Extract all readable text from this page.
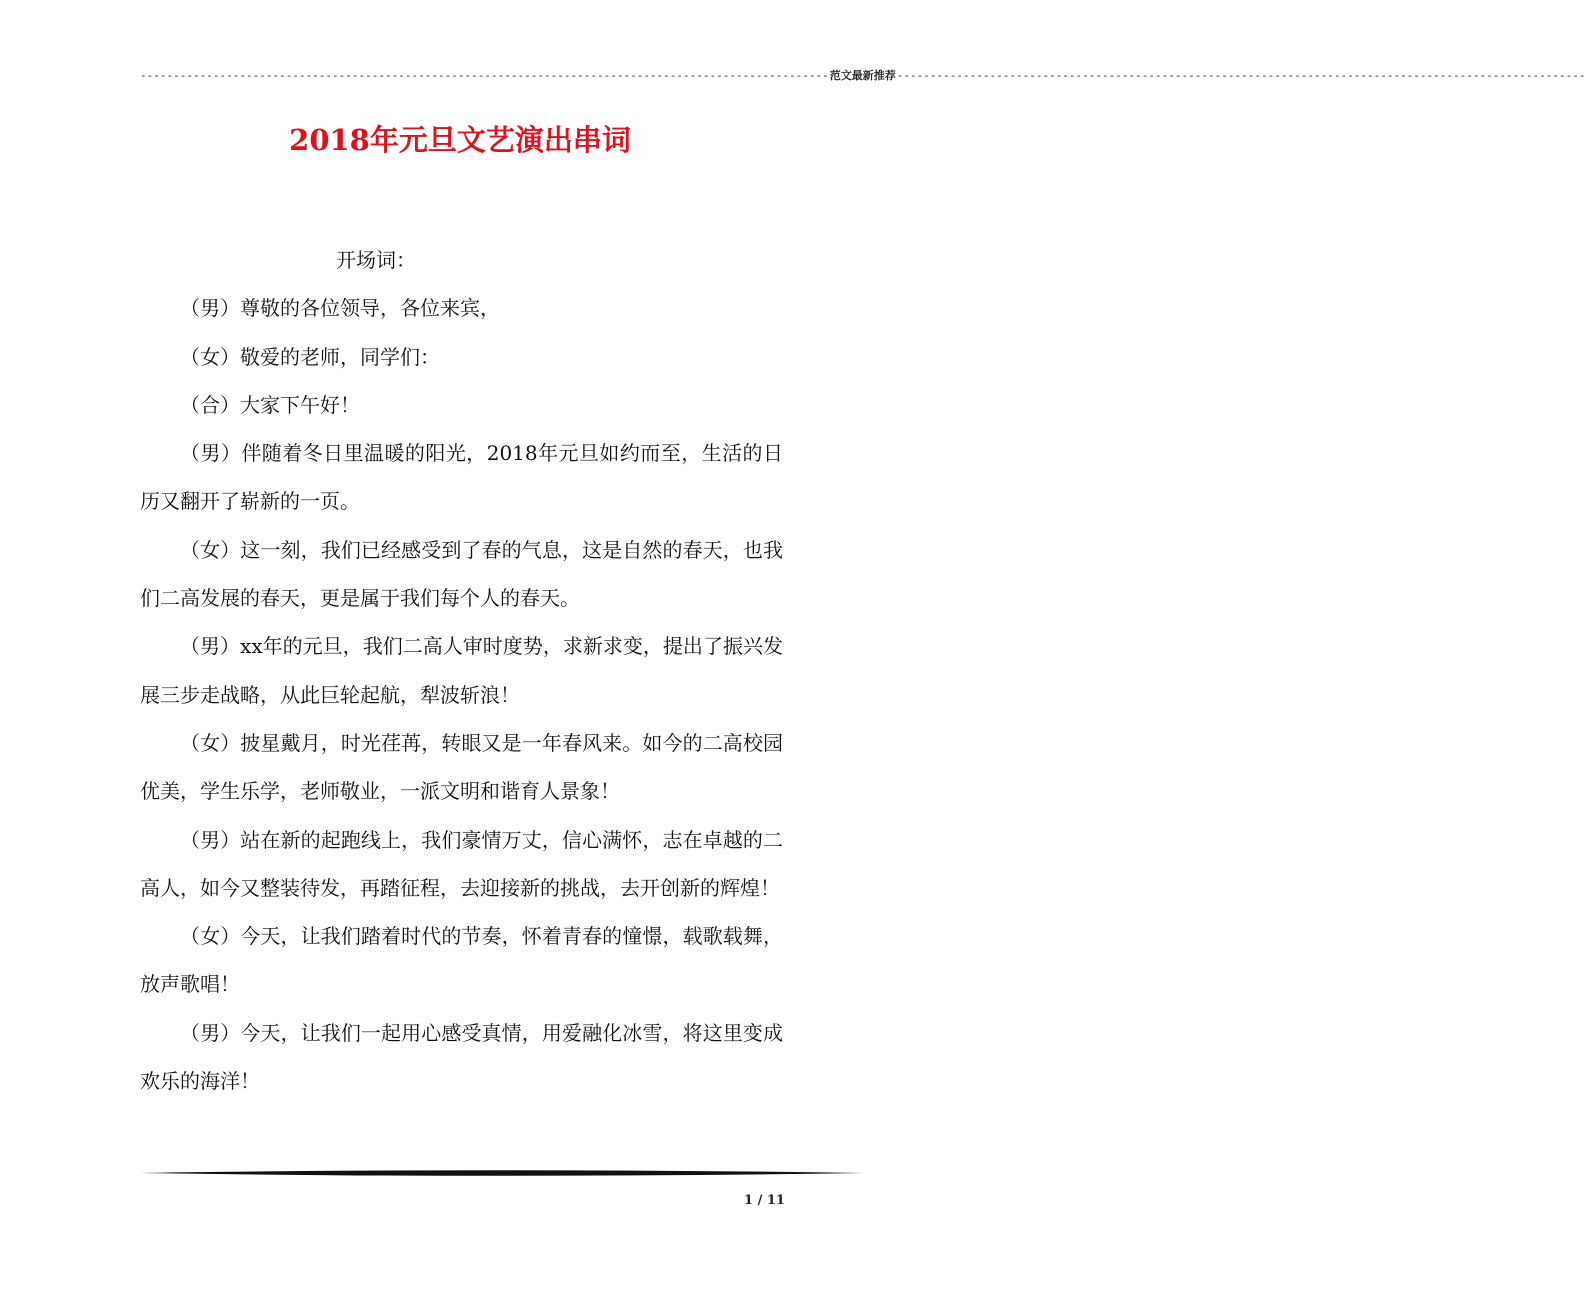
-------------------------------------------------------------------------------------------------------- 范文最新推荐 --------------------------------------------------------------------------------------------------------
2018年元旦文艺演出串词

开场词：

（男）尊敬的各位领导，各位来宾，

（女）敬爱的老师，同学们：

（合）大家下午好！

（男）伴随着冬日里温暖的阳光，2018年元旦如约而至，生活的日历又翻开了崭新的一页。

（女）这一刻，我们已经感受到了春的气息，这是自然的春天，也我们二高发展的春天，更是属于我们每个人的春天。

（男）xx年的元旦，我们二高人审时度势，求新求变，提出了振兴发展三步走战略，从此巨轮起航，犁波斩浪！

（女）披星戴月，时光荏苒，转眼又是一年春风来。如今的二高校园优美，学生乐学，老师敬业，一派文明和谐育人景象！

（男）站在新的起跑线上，我们豪情万丈，信心满怀，志在卓越的二高人，如今又整装待发，再踏征程，去迎接新的挑战，去开创新的辉煌！

（女）今天，让我们踏着时代的节奏，怀着青春的憧憬，载歌载舞，放声歌唱！

（男）今天，让我们一起用心感受真情，用爱融化冰雪，将这里变成欢乐的海洋！

1 / 11
